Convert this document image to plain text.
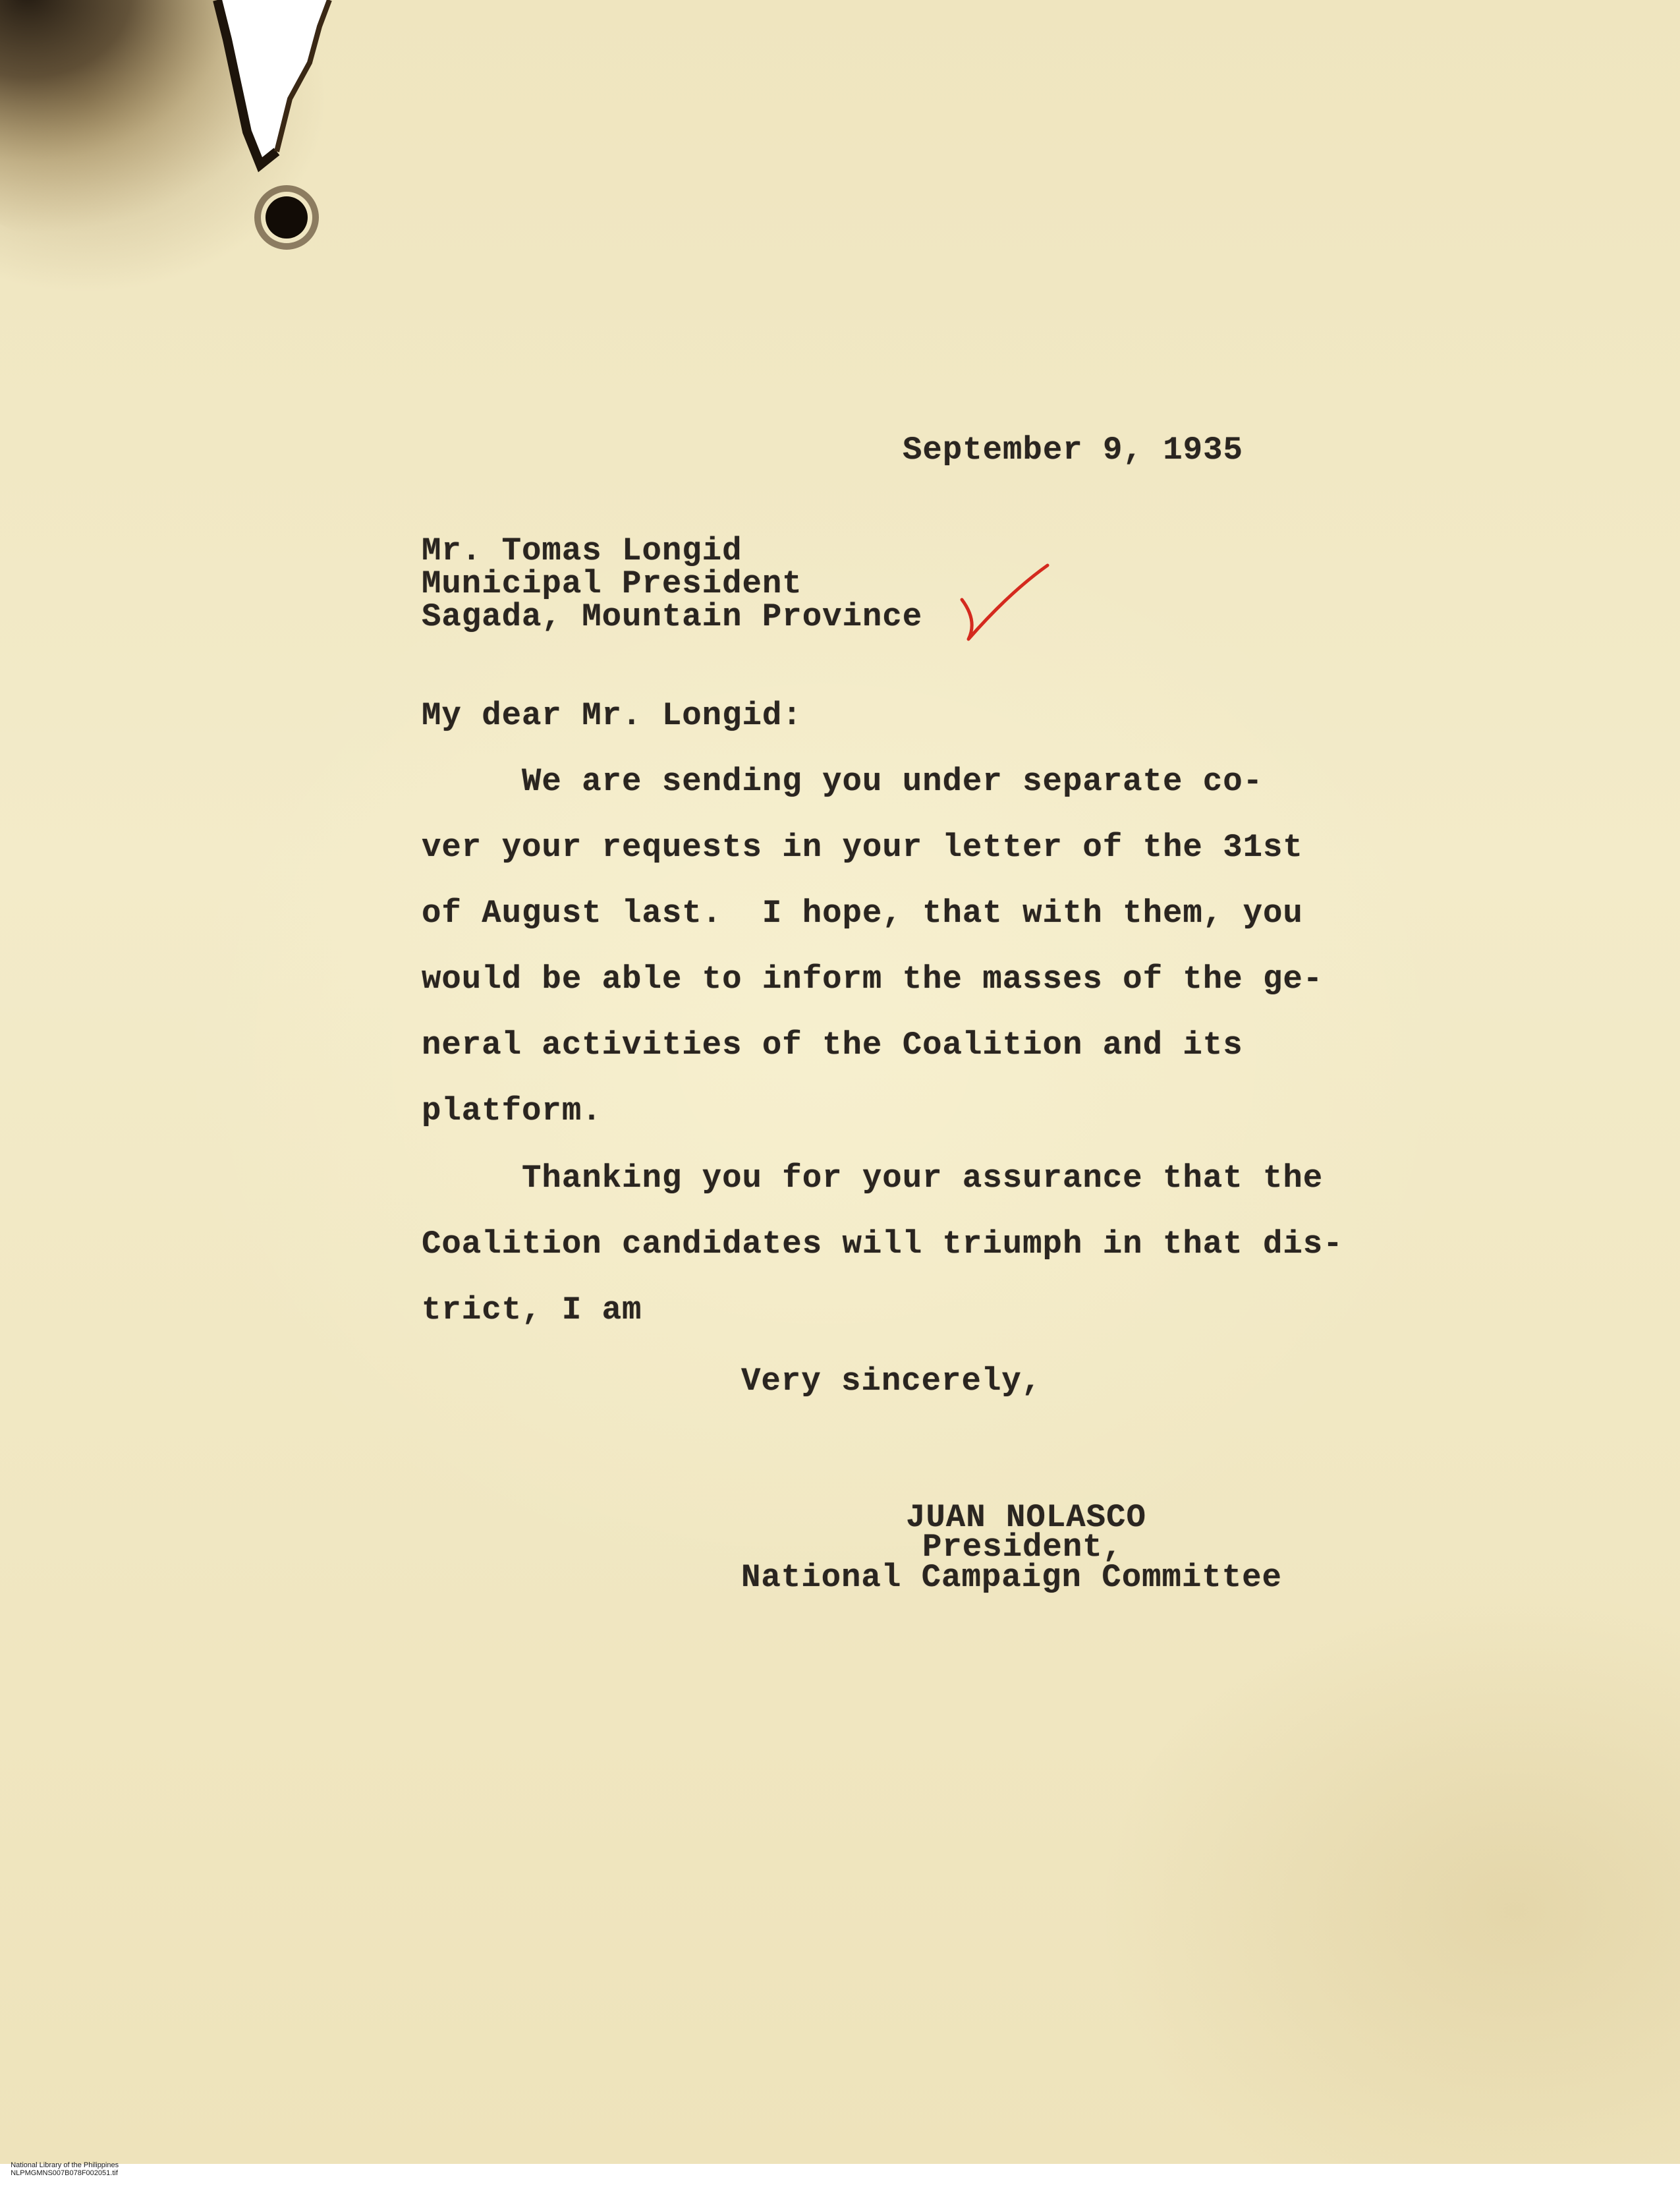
September 9, 1935
Mr. Tomas Longid
Municipal President
Sagada, Mountain Province
My dear Mr. Longid:
We are sending you under separate co-
ver your requests in your letter of the 31st
of August last.  I hope, that with them, you
would be able to inform the masses of the ge-
neral activities of the Coalition and its
platform.
Thanking you for your assurance that the
Coalition candidates will triumph in that dis-
trict, I am
Very sincerely,
JUAN NOLASCO
President,
National Campaign Committee

National Library of the Philippines
NLPMGMNS007B078F002051.tif
